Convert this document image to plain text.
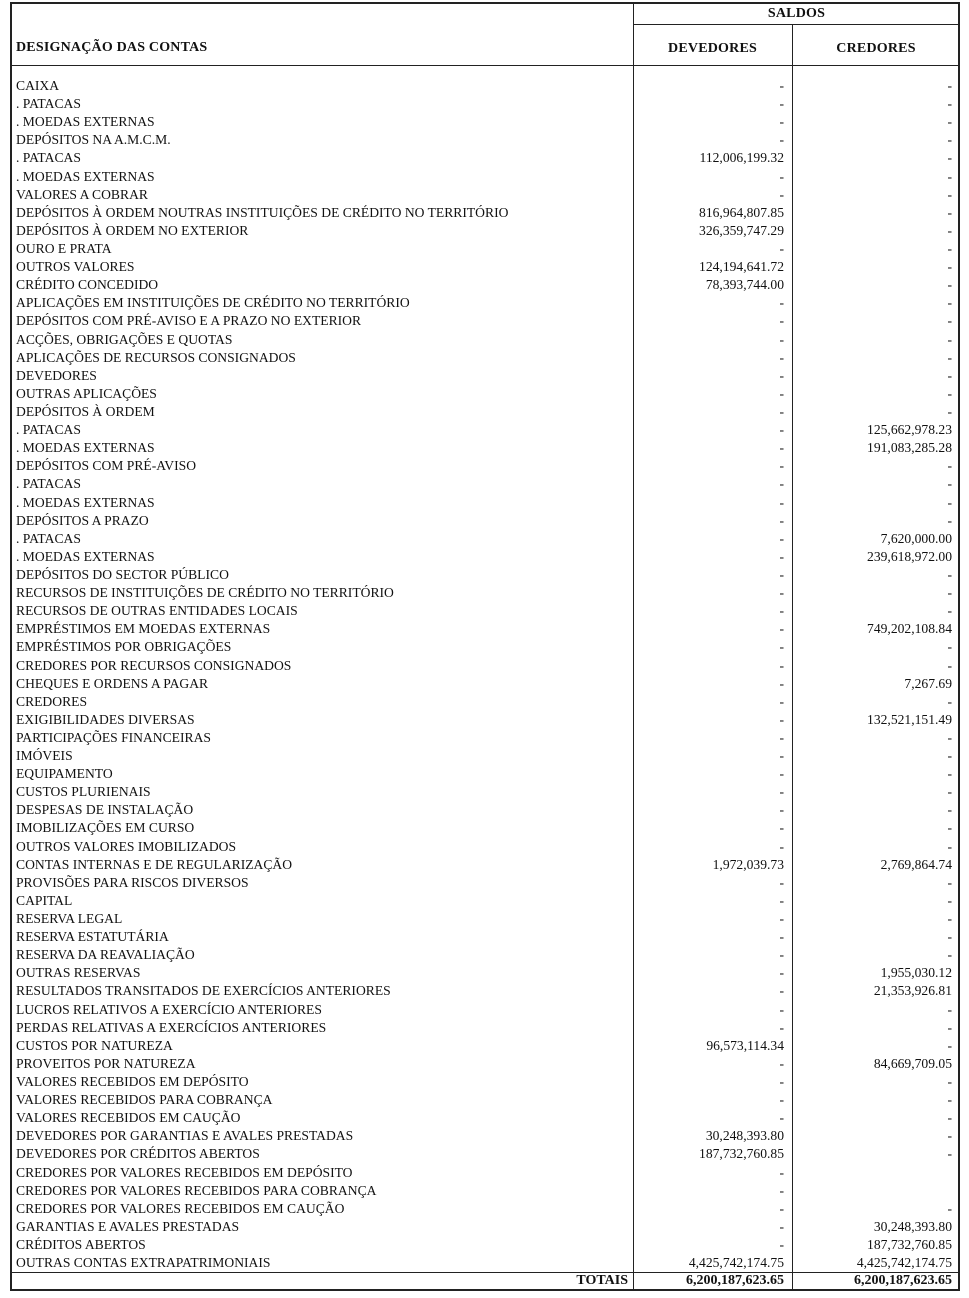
SALDOS
DESIGNAÇÃO DAS CONTAS	DEVEDORES	CREDORES
CAIXA	-	-
. PATACAS	-	-
. MOEDAS EXTERNAS	-	-
DEPÓSITOS NA A.M.C.M.	-	-
. PATACAS	112,006,199.32	-
. MOEDAS EXTERNAS	-	-
VALORES A COBRAR	-	-
DEPÓSITOS À ORDEM NOUTRAS INSTITUIÇÕES DE CRÉDITO NO TERRITÓRIO	816,964,807.85	-
DEPÓSITOS À ORDEM NO EXTERIOR	326,359,747.29	-
OURO E PRATA	-	-
OUTROS VALORES	124,194,641.72	-
CRÉDITO CONCEDIDO	78,393,744.00	-
APLICAÇÕES EM INSTITUIÇÕES DE CRÉDITO NO TERRITÓRIO	-	-
DEPÓSITOS COM PRÉ-AVISO E A PRAZO NO EXTERIOR	-	-
ACÇÕES, OBRIGAÇÕES E QUOTAS	-	-
APLICAÇÕES DE RECURSOS CONSIGNADOS	-	-
DEVEDORES	-	-
OUTRAS APLICAÇÕES	-	-
DEPÓSITOS À ORDEM	-	-
. PATACAS	-	125,662,978.23
. MOEDAS EXTERNAS	-	191,083,285.28
DEPÓSITOS COM PRÉ-AVISO	-	-
. PATACAS	-	-
. MOEDAS EXTERNAS	-	-
DEPÓSITOS A PRAZO	-	-
. PATACAS	-	7,620,000.00
. MOEDAS EXTERNAS	-	239,618,972.00
DEPÓSITOS DO SECTOR PÚBLICO	-	-
RECURSOS DE INSTITUIÇÕES DE CRÉDITO NO TERRITÓRIO	-	-
RECURSOS DE OUTRAS ENTIDADES LOCAIS	-	-
EMPRÉSTIMOS EM MOEDAS EXTERNAS	-	749,202,108.84
EMPRÉSTIMOS POR OBRIGAÇÕES	-	-
CREDORES POR RECURSOS CONSIGNADOS	-	-
CHEQUES E ORDENS A PAGAR	-	7,267.69
CREDORES	-	-
EXIGIBILIDADES DIVERSAS	-	132,521,151.49
PARTICIPAÇÕES FINANCEIRAS	-	-
IMÓVEIS	-	-
EQUIPAMENTO	-	-
CUSTOS PLURIENAIS	-	-
DESPESAS DE INSTALAÇÃO	-	-
IMOBILIZAÇÕES EM CURSO	-	-
OUTROS VALORES IMOBILIZADOS	-	-
CONTAS INTERNAS E DE REGULARIZAÇÃO	1,972,039.73	2,769,864.74
PROVISÕES PARA RISCOS DIVERSOS	-	-
CAPITAL	-	-
RESERVA LEGAL	-	-
RESERVA ESTATUTÁRIA	-	-
RESERVA DA REAVALIAÇÃO	-	-
OUTRAS RESERVAS	-	1,955,030.12
RESULTADOS TRANSITADOS DE EXERCÍCIOS ANTERIORES	-	21,353,926.81
LUCROS RELATIVOS A EXERCÍCIO ANTERIORES	-	-
PERDAS RELATIVAS A EXERCÍCIOS ANTERIORES	-	-
CUSTOS POR NATUREZA	96,573,114.34	-
PROVEITOS POR NATUREZA	-	84,669,709.05
VALORES RECEBIDOS EM DEPÓSITO	-	-
VALORES RECEBIDOS PARA COBRANÇA	-	-
VALORES RECEBIDOS EM CAUÇÃO	-	-
DEVEDORES POR GARANTIAS E AVALES PRESTADAS	30,248,393.80	-
DEVEDORES POR CRÉDITOS ABERTOS	187,732,760.85	-
CREDORES POR VALORES RECEBIDOS EM DEPÓSITO	-
CREDORES POR VALORES RECEBIDOS PARA COBRANÇA	-
CREDORES POR VALORES RECEBIDOS EM CAUÇÃO	-	-
GARANTIAS E AVALES PRESTADAS	-	30,248,393.80
CRÉDITOS ABERTOS	-	187,732,760.85
OUTRAS CONTAS EXTRAPATRIMONIAIS	4,425,742,174.75	4,425,742,174.75
TOTAIS	6,200,187,623.65	6,200,187,623.65
